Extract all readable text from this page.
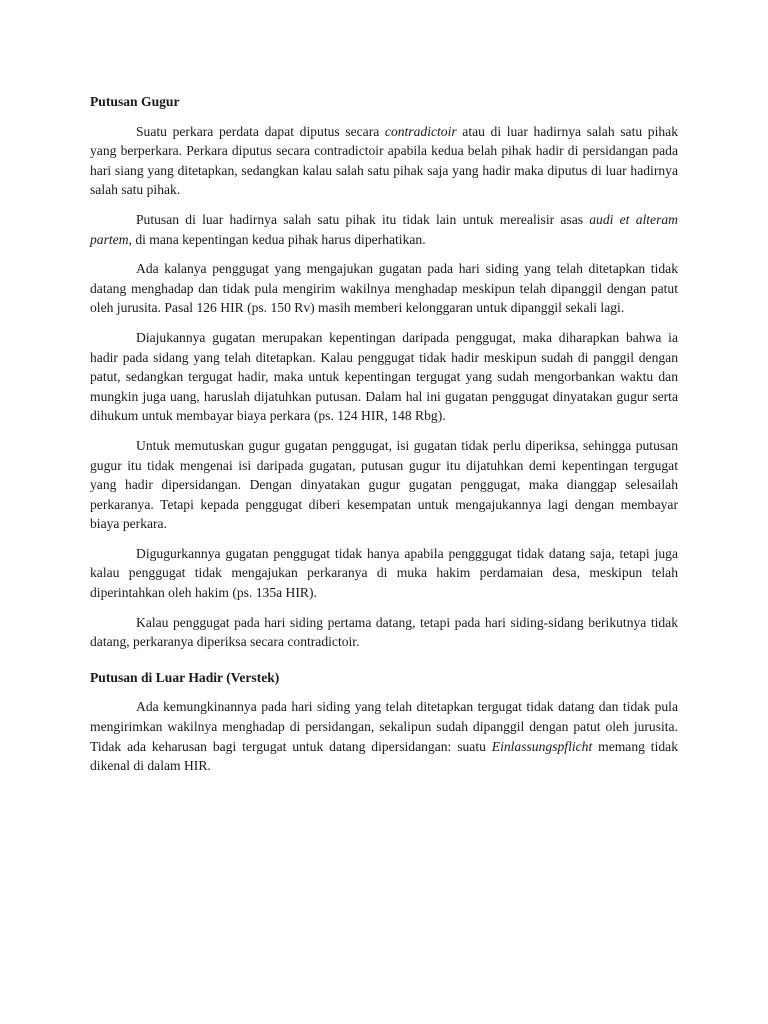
Putusan Gugur

Suatu perkara perdata dapat diputus secara contradictoir atau di luar hadirnya salah satu pihak yang berperkara. Perkara diputus secara contradictoir apabila kedua belah pihak hadir di persidangan pada hari siang yang ditetapkan, sedangkan kalau salah satu pihak saja yang hadir maka diputus di luar hadirnya salah satu pihak.

Putusan di luar hadirnya salah satu pihak itu tidak lain untuk merealisir asas audi et alteram partem, di mana kepentingan kedua pihak harus diperhatikan.

Ada kalanya penggugat yang mengajukan gugatan pada hari siding yang telah ditetapkan tidak datang menghadap dan tidak pula mengirim wakilnya menghadap meskipun telah dipanggil dengan patut oleh jurusita. Pasal 126 HIR (ps. 150 Rv) masih memberi kelonggaran untuk dipanggil sekali lagi.

Diajukannya gugatan merupakan kepentingan daripada penggugat, maka diharapkan bahwa ia hadir pada sidang yang telah ditetapkan. Kalau penggugat tidak hadir meskipun sudah di panggil dengan patut, sedangkan tergugat hadir, maka untuk kepentingan tergugat yang sudah mengorbankan waktu dan mungkin juga uang, haruslah dijatuhkan putusan. Dalam hal ini gugatan penggugat dinyatakan gugur serta dihukum untuk membayar biaya perkara (ps. 124 HIR, 148 Rbg).

Untuk memutuskan gugur gugatan penggugat, isi gugatan tidak perlu diperiksa, sehingga putusan gugur itu tidak mengenai isi daripada gugatan, putusan gugur itu dijatuhkan demi kepentingan tergugat yang hadir dipersidangan. Dengan dinyatakan gugur gugatan penggugat, maka dianggap selesailah perkaranya. Tetapi kepada penggugat diberi kesempatan untuk mengajukannya lagi dengan membayar biaya perkara.

Digugurkannya gugatan penggugat tidak hanya apabila pengggugat tidak datang saja, tetapi juga kalau penggugat tidak mengajukan perkaranya di muka hakim perdamaian desa, meskipun telah diperintahkan oleh hakim (ps. 135a HIR).

Kalau penggugat pada hari siding pertama datang, tetapi pada hari siding-sidang berikutnya tidak datang, perkaranya diperiksa secara contradictoir.

Putusan di Luar Hadir (Verstek)

Ada kemungkinannya pada hari siding yang telah ditetapkan tergugat tidak datang dan tidak pula mengirimkan wakilnya menghadap di persidangan, sekalipun sudah dipanggil dengan patut oleh jurusita. Tidak ada keharusan bagi tergugat untuk datang dipersidangan: suatu Einlassungspflicht memang tidak dikenal di dalam HIR.
